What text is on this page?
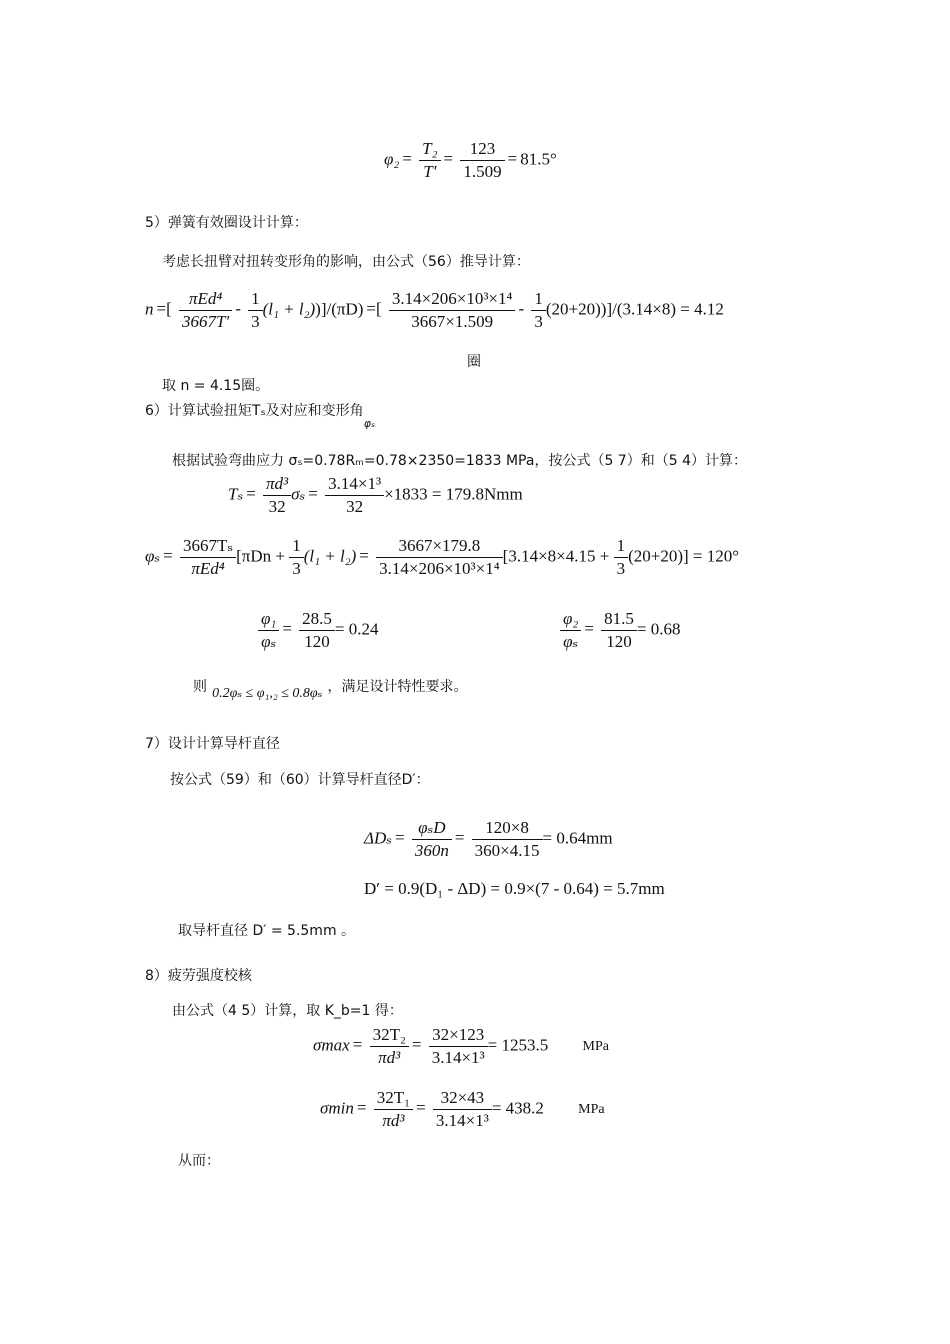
$\varphi_2 = \frac{\text{T₂}}{T'} = \frac{123}{1.509} = 81.5^\circ$
5）弹簧有效圈设计计算：
考虑长扭臂对扭转变形角的影响，由公式（56）推导计算：
n =[ $\frac{\text{πEd⁴}}{3667T'} - \frac{1}{3} (l_1 + l_2))]/(\pi D)$ =[ $\frac{\text{3.14×206×10³×1⁴}}{3667\times 1.509} - \frac{1}{3} (20+20))]/(3.14\times 8) = 4.12$
圈
取 n = 4.15圈。
6）计算试验扭矩Tₛ及对应和变形角$_{\varphi_s}$
根据试验弯曲应力 σₛ=0.78Rₘ=0.78×2350=1833 MPa，按公式（5 7）和（5 4）计算：
$T_s = \frac{\text{πd³}}{32}$ $\sigma_s = \frac{\text{3.14×1³}}{32} \times 1833 = 179.8Nmm$
$\varphi_s = \frac{\text{3667Tₛ}}{\text{πEd⁴}} [\pi Dn + \frac{1}{3} (l_1 + l_2) = \frac{3667\times 179.8}{\text{3.14×206×10³×1⁴}} [3.14\times 8\times 4.15 + \frac{1}{3} (20+20)] = 120^\circ$
$\frac{\text{φ₁}}{\text{φₛ}} = \frac{28.5}{120} = 0.24$	$\frac{\text{φ₂}}{\text{φₛ}} = \frac{81.5}{120} = 0.68$
则 0.2φₛ ≤ φ₁,₂ ≤ 0.8φₛ ，满足设计特性要求。
7）设计计算导杆直径
按公式（59）和（60）计算导杆直径D′：
$\Delta D_s = \frac{\text{φₛD}}{360n} = \frac{120\times 8}{360\times 4.15} = 0.64mm$
D′ = 0.9(D₁ - ΔD) = 0.9×(7 - 0.64) = 5.7mm
取导杆直径 D′ = 5.5mm 。
8）疲劳强度校核
由公式（4 5）计算，取 K_b=1 得：
$\sigma\max = \frac{\text{32T₂}}{\text{πd³}} = \frac{32\times 123}{\text{3.14×1³}} = 1253.5$ MPa
$\sigma\min = \frac{\text{32T₁}}{\text{πd³}} = \frac{32\times 43}{\text{3.14×1³}} = 438.2$ MPa
从而：
